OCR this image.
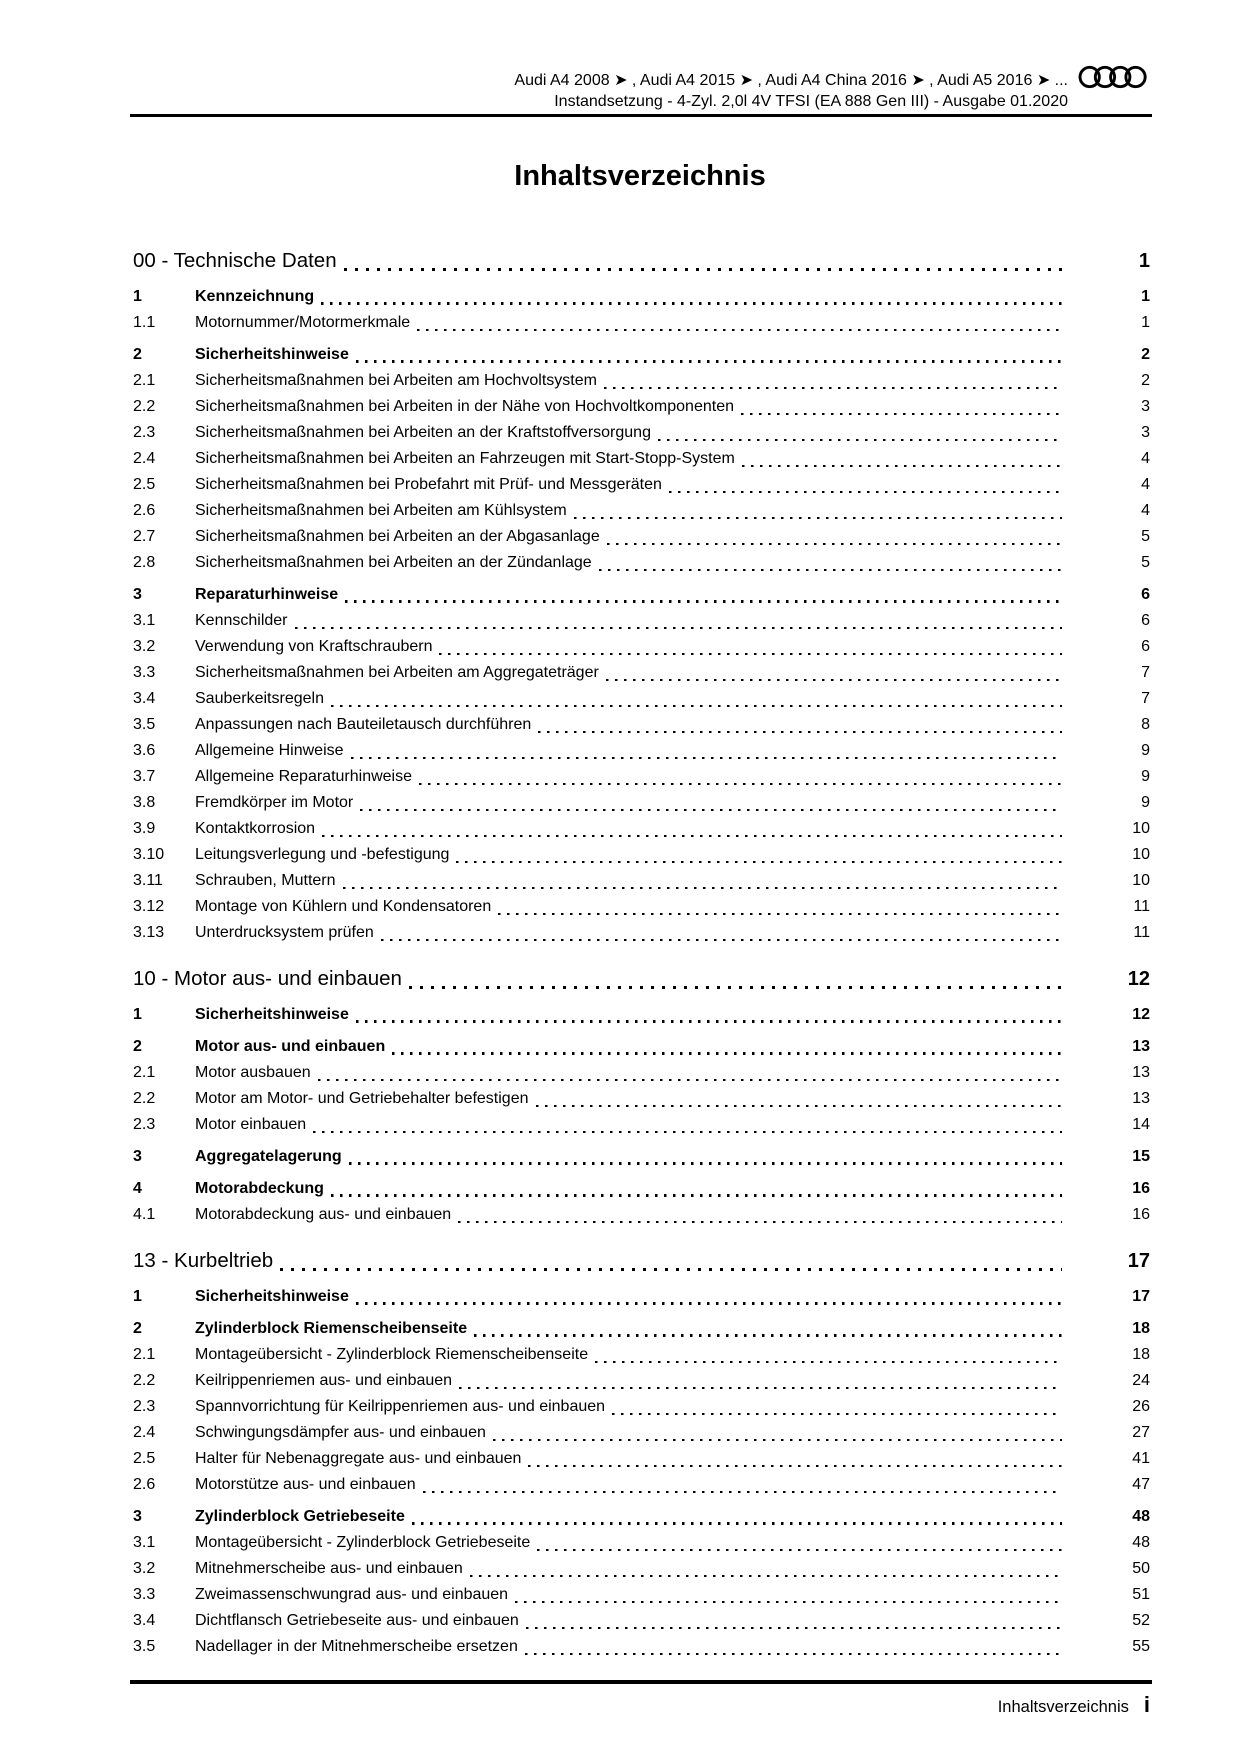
Audi A4 2008 ➤ , Audi A4 2015 ➤ , Audi A4 China 2016 ➤ , Audi A5 2016 ➤ ...
Instandsetzung - 4-Zyl. 2,0l 4V TFSI (EA 888 Gen III) - Ausgabe 01.2020
Inhaltsverzeichnis
00 - Technische Daten	1
1	Kennzeichnung	1
1.1	Motornummer/Motormerkmale	1
2	Sicherheitshinweise	2
2.1	Sicherheitsmaßnahmen bei Arbeiten am Hochvoltsystem	2
2.2	Sicherheitsmaßnahmen bei Arbeiten in der Nähe von Hochvoltkomponenten	3
2.3	Sicherheitsmaßnahmen bei Arbeiten an der Kraftstoffversorgung	3
2.4	Sicherheitsmaßnahmen bei Arbeiten an Fahrzeugen mit Start-Stopp-System	4
2.5	Sicherheitsmaßnahmen bei Probefahrt mit Prüf- und Messgeräten	4
2.6	Sicherheitsmaßnahmen bei Arbeiten am Kühlsystem	4
2.7	Sicherheitsmaßnahmen bei Arbeiten an der Abgasanlage	5
2.8	Sicherheitsmaßnahmen bei Arbeiten an der Zündanlage	5
3	Reparaturhinweise	6
3.1	Kennschilder	6
3.2	Verwendung von Kraftschraubern	6
3.3	Sicherheitsmaßnahmen bei Arbeiten am Aggregateträger	7
3.4	Sauberkeitsregeln	7
3.5	Anpassungen nach Bauteiletausch durchführen	8
3.6	Allgemeine Hinweise	9
3.7	Allgemeine Reparaturhinweise	9
3.8	Fremdkörper im Motor	9
3.9	Kontaktkorrosion	10
3.10	Leitungsverlegung und -befestigung	10
3.11	Schrauben, Muttern	10
3.12	Montage von Kühlern und Kondensatoren	11
3.13	Unterdrucksystem prüfen	11
10 - Motor aus- und einbauen	12
1	Sicherheitshinweise	12
2	Motor aus- und einbauen	13
2.1	Motor ausbauen	13
2.2	Motor am Motor- und Getriebehalter befestigen	13
2.3	Motor einbauen	14
3	Aggregatelagerung	15
4	Motorabdeckung	16
4.1	Motorabdeckung aus- und einbauen	16
13 - Kurbeltrieb	17
1	Sicherheitshinweise	17
2	Zylinderblock Riemenscheibenseite	18
2.1	Montageübersicht - Zylinderblock Riemenscheibenseite	18
2.2	Keilrippenriemen aus- und einbauen	24
2.3	Spannvorrichtung für Keilrippenriemen aus- und einbauen	26
2.4	Schwingungsdämpfer aus- und einbauen	27
2.5	Halter für Nebenaggregate aus- und einbauen	41
2.6	Motorstütze aus- und einbauen	47
3	Zylinderblock Getriebeseite	48
3.1	Montageübersicht - Zylinderblock Getriebeseite	48
3.2	Mitnehmerscheibe aus- und einbauen	50
3.3	Zweimassenschwungrad aus- und einbauen	51
3.4	Dichtflansch Getriebeseite aus- und einbauen	52
3.5	Nadellager in der Mitnehmerscheibe ersetzen	55
Inhaltsverzeichnis i
